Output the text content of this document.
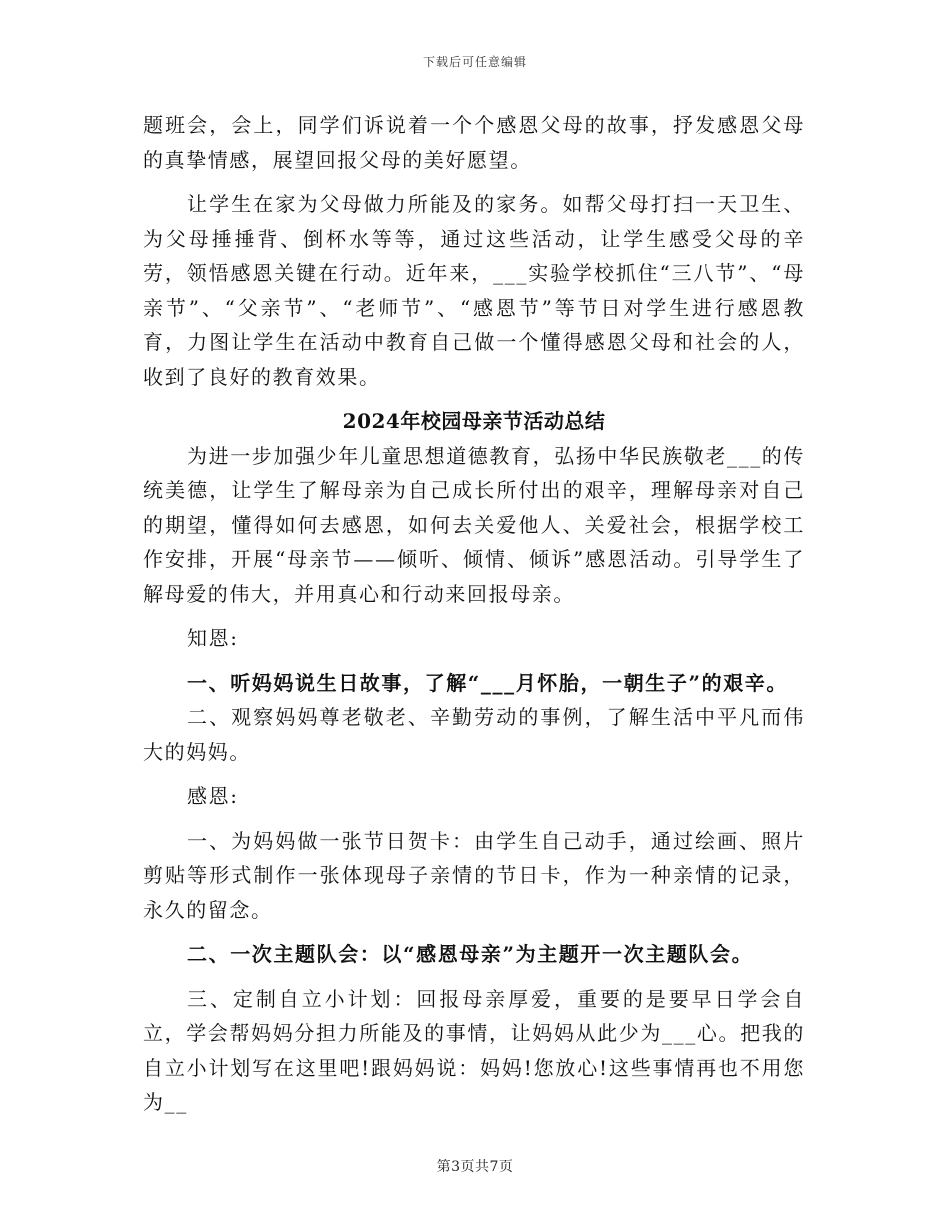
下载后可任意编辑

题班会，会上，同学们诉说着一个个感恩父母的故事，抒发感恩父母的真挚情感，展望回报父母的美好愿望。

让学生在家为父母做力所能及的家务。如帮父母打扫一天卫生、为父母捶捶背、倒杯水等等，通过这些活动，让学生感受父母的辛劳，领悟感恩关键在行动。近年来，___实验学校抓住“三八节”、“母亲节”、“父亲节”、“老师节”、“感恩节”等节日对学生进行感恩教育，力图让学生在活动中教育自己做一个懂得感恩父母和社会的人，收到了良好的教育效果。

2024年校园母亲节活动总结

为进一步加强少年儿童思想道德教育，弘扬中华民族敬老___的传统美德，让学生了解母亲为自己成长所付出的艰辛，理解母亲对自己的期望，懂得如何去感恩，如何去关爱他人、关爱社会，根据学校工作安排，开展“母亲节——倾听、倾情、倾诉”感恩活动。引导学生了解母爱的伟大，并用真心和行动来回报母亲。

知恩:

一、听妈妈说生日故事，了解“___月怀胎，一朝生子”的艰辛。

二、观察妈妈尊老敬老、辛勤劳动的事例，了解生活中平凡而伟大的妈妈。

感恩:

一、为妈妈做一张节日贺卡：由学生自己动手，通过绘画、照片剪贴等形式制作一张体现母子亲情的节日卡，作为一种亲情的记录，永久的留念。

二、一次主题队会：以“感恩母亲”为主题开一次主题队会。

三、定制自立小计划：回报母亲厚爱，重要的是要早日学会自立，学会帮妈妈分担力所能及的事情，让妈妈从此少为___心。把我的自立小计划写在这里吧!跟妈妈说：妈妈!您放心!这些事情再也不用您为__

第3页共7页
